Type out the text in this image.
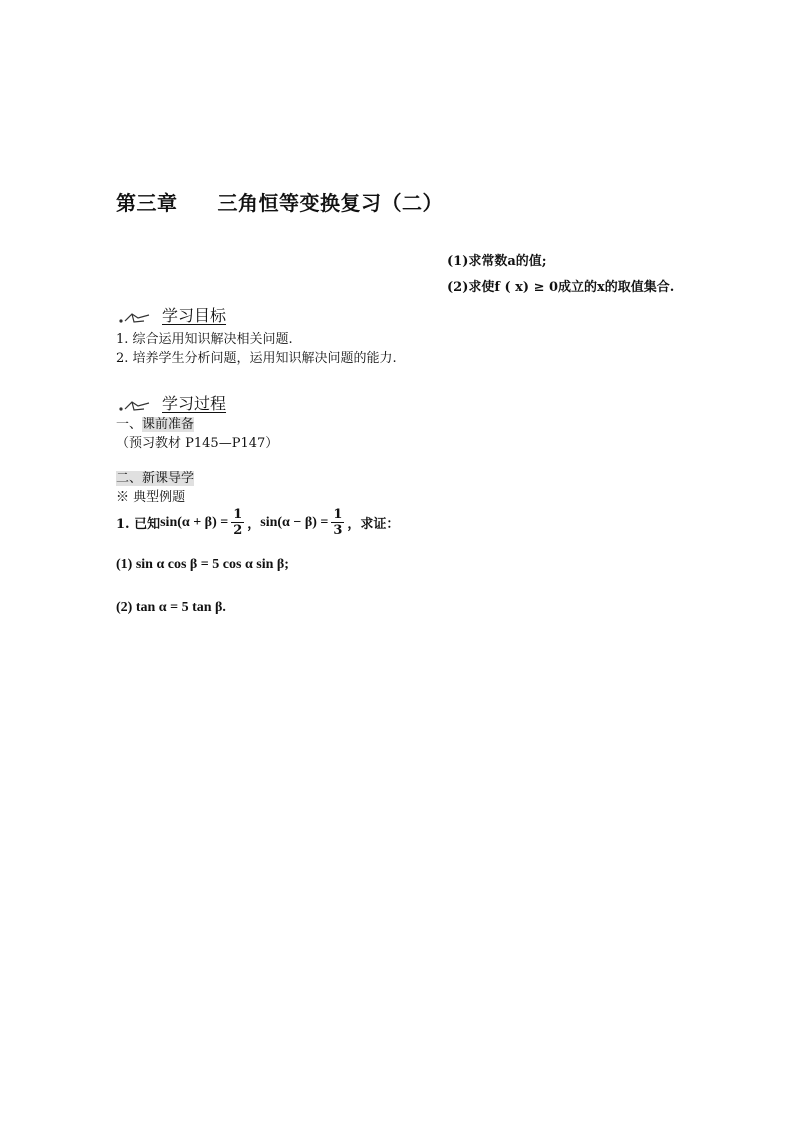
第三章 三角恒等变换复习（二）
(1)求常数a的值;
(2)求使f ( x) ≥ 0成立的x的取值集合.
学习目标
1. 综合运用知识解决相关问题.
2. 培养学生分析问题，运用知识解决问题的能力.
学习过程
一、课前准备
（预习教材 P145—P147）
二、新课导学
※ 典型例题
1. 已知 $\sin(\alpha + \beta) = \frac{1}{2}$ ， $\sin(\alpha - \beta) = \frac{1}{3}$ ，求证：
(1) sin α cos β = 5 cos α sin β;
(2) tan α = 5 tan β.
